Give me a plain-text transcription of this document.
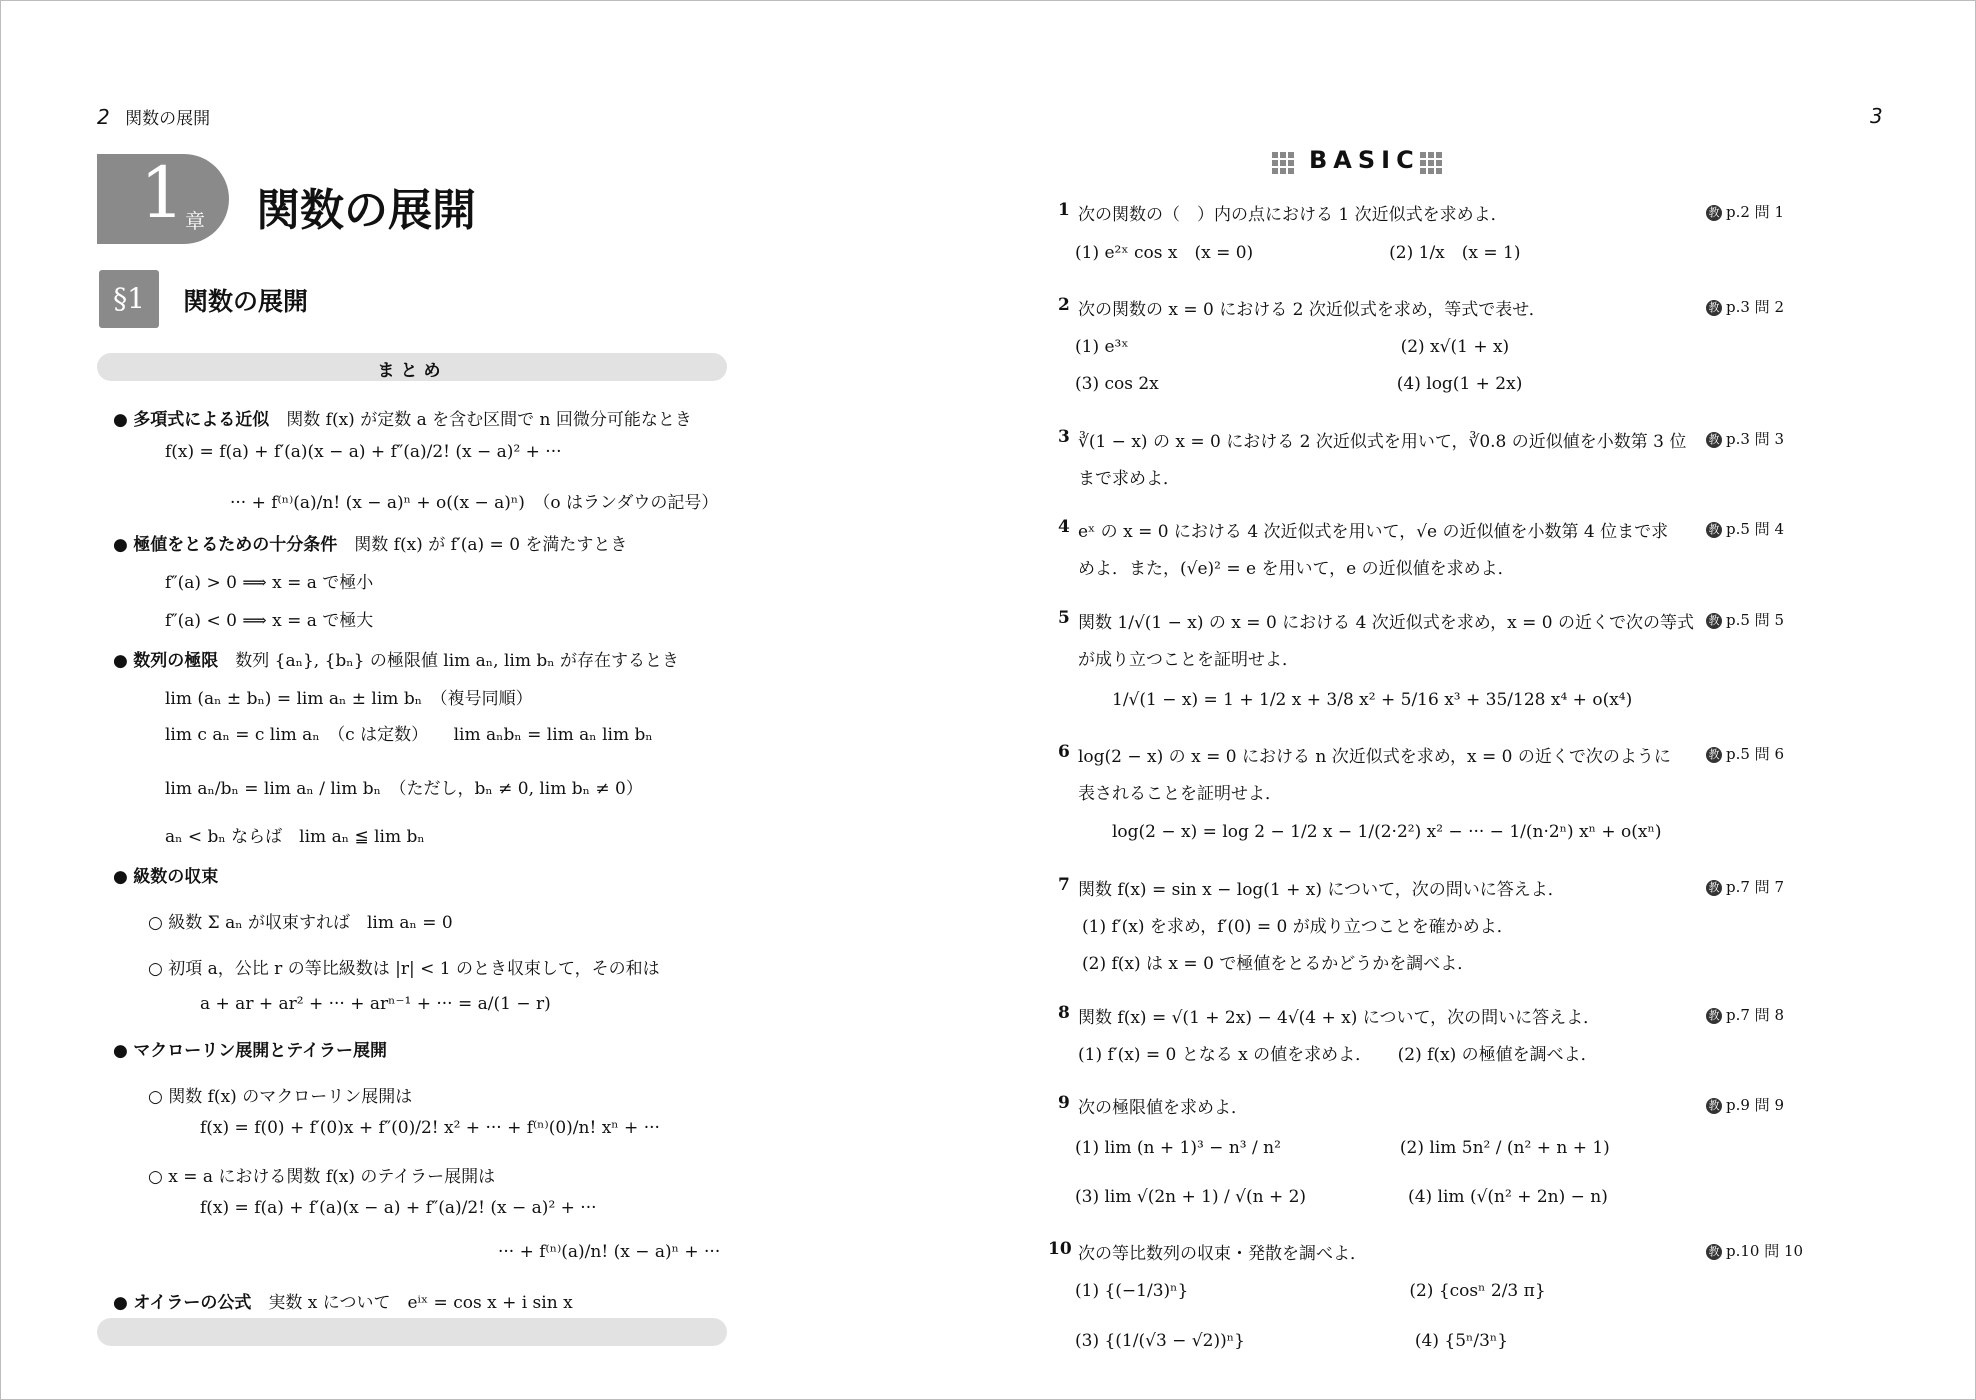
2 関数の展開
1 章 関数の展開
§1	関数の展開
まとめ
● 多項式による近似　 関数 f(x) が定数 a を含む区間で n 回微分可能なとき
f(x) = f(a) + f′(a)(x − a) + f″(a)/2! (x − a)² + ···
··· + f⁽ⁿ⁾(a)/n! (x − a)ⁿ + o((x − a)ⁿ)　（o はランダウの記号）
● 極値をとるための十分条件　 関数 f(x) が f′(a) = 0 を満たすとき
f″(a) > 0 ⟹ x = a で極小
f″(a) < 0 ⟹ x = a で極大
● 数列の極限　 数列 {aₙ}, {bₙ} の極限値 lim aₙ, lim bₙ が存在するとき
lim (aₙ ± bₙ) = lim aₙ ± lim bₙ　（複号同順）
lim c aₙ = c lim aₙ　（c は定数）　　lim aₙbₙ = lim aₙ lim bₙ
lim aₙ/bₙ = lim aₙ / lim bₙ　（ただし，bₙ ≠ 0, lim bₙ ≠ 0）
aₙ < bₙ ならば　lim aₙ ≦ lim bₙ
● 級数の収束
○ 級数 Σ aₙ が収束すれば　lim aₙ = 0
○ 初項 a，公比 r の等比級数は |r| < 1 のとき収束して，その和は
a + ar + ar² + ··· + arⁿ⁻¹ + ··· = a/(1 − r)
● マクローリン展開とテイラー展開
○ 関数 f(x) のマクローリン展開は
f(x) = f(0) + f′(0)x + f″(0)/2! x² + ··· + f⁽ⁿ⁾(0)/n! xⁿ + ···
○ x = a における関数 f(x) のテイラー展開は
f(x) = f(a) + f′(a)(x − a) + f″(a)/2! (x − a)² + ···
··· + f⁽ⁿ⁾(a)/n! (x − a)ⁿ + ···
● オイラーの公式　 実数 x について　eⁱˣ = cos x + i sin x
3
BASIC
1 次の関数の（　）内の点における 1 次近似式を求めよ．
(1) e²ˣ cos x　(x = 0)　　　　　　　　(2) 1/x　(x = 1)
教 p.2 問 1
2 次の関数の x = 0 における 2 次近似式を求め，等式で表せ．
(1) e³ˣ　　　　　　　　　　　　　　　　(2) x√(1 + x)
(3) cos 2x　　　　　　　　　　　　　　(4) log(1 + 2x)
教 p.3 問 2
3 ∛(1 − x) の x = 0 における 2 次近似式を用いて，∛0.8 の近似値を小数第 3 位
まで求めよ．
教 p.3 問 3
4 eˣ の x = 0 における 4 次近似式を用いて，√e の近似値を小数第 4 位まで求
めよ．また，(√e)² = e を用いて，e の近似値を求めよ．
教 p.5 問 4
5 関数 1/√(1 − x) の x = 0 における 4 次近似式を求め，x = 0 の近くで次の等式
が成り立つことを証明せよ．
1/√(1 − x) = 1 + 1/2 x + 3/8 x² + 5/16 x³ + 35/128 x⁴ + o(x⁴)
教 p.5 問 5
6 log(2 − x) の x = 0 における n 次近似式を求め，x = 0 の近くで次のように
表されることを証明せよ．
log(2 − x) = log 2 − 1/2 x − 1/(2·2²) x² − ··· − 1/(n·2ⁿ) xⁿ + o(xⁿ)
教 p.5 問 6
7 関数 f(x) = sin x − log(1 + x) について，次の問いに答えよ．
(1) f′(x) を求め，f′(0) = 0 が成り立つことを確かめよ．
(2) f(x) は x = 0 で極値をとるかどうかを調べよ．
教 p.7 問 7
8 関数 f(x) = √(1 + 2x) − 4√(4 + x) について，次の問いに答えよ．
(1) f′(x) = 0 となる x の値を求めよ．　　(2) f(x) の極値を調べよ．
教 p.7 問 8
9 次の極限値を求めよ．
(1) lim (n + 1)³ − n³ / n²　　　　　　　(2) lim 5n² / (n² + n + 1)
(3) lim √(2n + 1) / √(n + 2)　　　　　　(4) lim (√(n² + 2n) − n)
教 p.9 問 9
10 次の等比数列の収束・発散を調べよ．
(1) {(−1/3)ⁿ}　　　　　　　　　　　　　(2) {cosⁿ 2/3 π}
(3) {(1/(√3 − √2))ⁿ}　　　　　　　　　　(4) {5ⁿ/3ⁿ}
教 p.10 問 10
